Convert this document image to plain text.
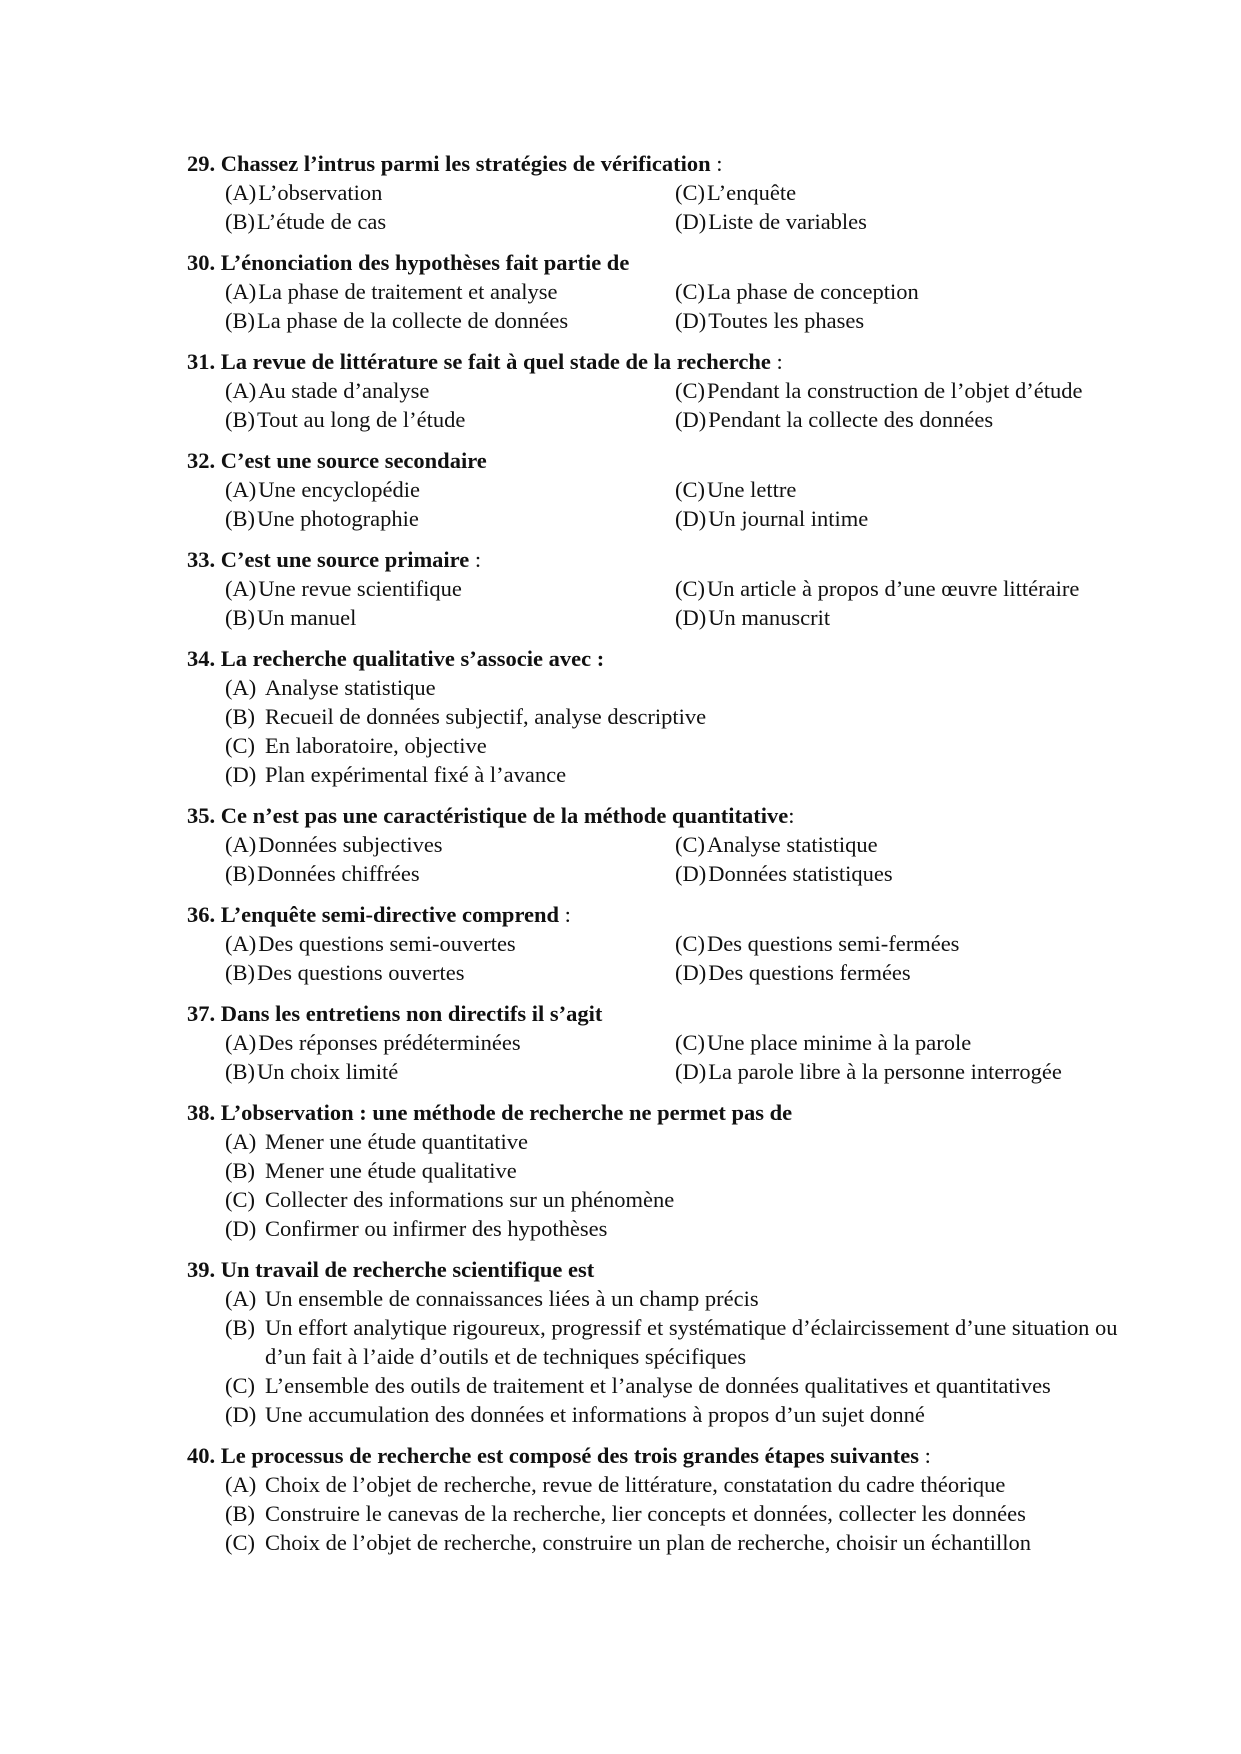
29. Chassez l’intrus parmi les stratégies de vérification :
(A) L’observation
(B) L’étude de cas
(C) L’enquête
(D) Liste de variables
30. L’énonciation des hypothèses fait partie de
(A) La phase de traitement et analyse
(B) La phase de la collecte de données
(C) La phase de conception
(D) Toutes les phases
31. La revue de littérature se fait à quel stade de la recherche :
(A) Au stade d’analyse
(B) Tout au long de l’étude
(C) Pendant la construction de l’objet d’étude
(D) Pendant la collecte des données
32. C’est une source secondaire
(A) Une encyclopédie
(B) Une photographie
(C) Une lettre
(D) Un journal intime
33. C’est une source primaire :
(A) Une revue scientifique
(B) Un manuel
(C) Un article à propos d’une œuvre littéraire
(D) Un manuscrit
34. La recherche qualitative s’associe avec :
(A) Analyse statistique
(B) Recueil de données subjectif, analyse descriptive
(C) En laboratoire, objective
(D) Plan expérimental fixé à l’avance
35. Ce n’est pas une caractéristique de la méthode quantitative:
(A) Données subjectives
(B) Données chiffrées
(C) Analyse statistique
(D) Données statistiques
36. L’enquête semi-directive comprend :
(A) Des questions semi-ouvertes
(B) Des questions ouvertes
(C) Des questions semi-fermées
(D) Des questions fermées
37. Dans les entretiens non directifs il s’agit
(A) Des réponses prédéterminées
(B) Un choix limité
(C) Une place minime à la parole
(D) La parole libre à la personne interrogée
38. L’observation : une méthode de recherche ne permet pas de
(A) Mener une étude quantitative
(B) Mener une étude qualitative
(C) Collecter des informations sur un phénomène
(D) Confirmer ou infirmer des hypothèses
39. Un travail de recherche scientifique est
(A) Un ensemble de connaissances liées à un champ précis
(B) Un effort analytique rigoureux, progressif et systématique d’éclaircissement d’une situation ou d’un fait à l’aide d’outils et de techniques spécifiques
(C) L’ensemble des outils de traitement et l’analyse de données qualitatives et quantitatives
(D) Une accumulation des données et informations à propos d’un sujet donné
40. Le processus de recherche est composé des trois grandes étapes suivantes :
(A) Choix de l’objet de recherche, revue de littérature, constatation du cadre théorique
(B) Construire le canevas de la recherche, lier concepts et données, collecter les données
(C) Choix de l’objet de recherche, construire un plan de recherche, choisir un échantillon
